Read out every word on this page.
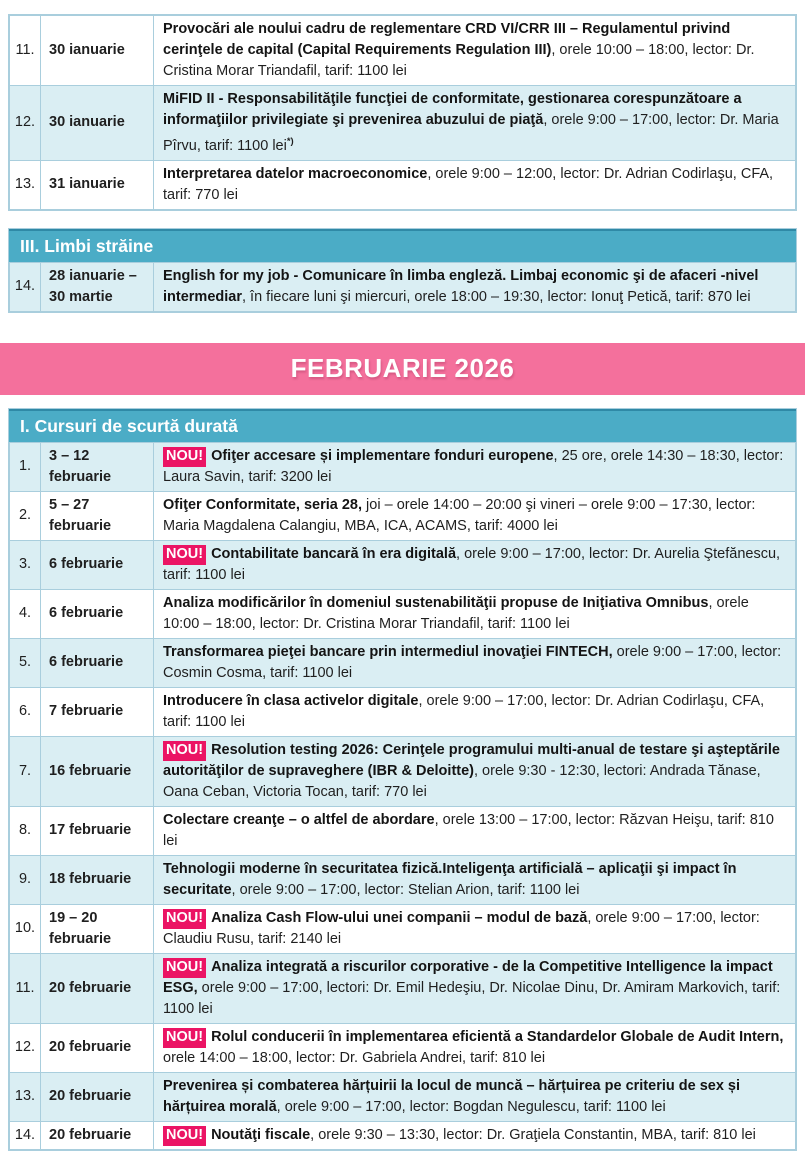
11.	30 ianuarie	Provocări ale noului cadru de reglementare CRD VI/CRR III – Regulamentul privind cerinţele de capital (Capital Requirements Regulation III), orele 10:00 – 18:00, lector: Dr. Cristina Morar Triandafil, tarif: 1100 lei
12.	30 ianuarie	MiFID II - Responsabilităţile funcţiei de conformitate, gestionarea corespunzătoare a informaţiilor privilegiate şi prevenirea abuzului de piaţă, orele 9:00 – 17:00, lector: Dr. Maria Pîrvu, tarif: 1100 lei*)
13.	31 ianuarie	Interpretarea datelor macroeconomice, orele 9:00 – 12:00, lector: Dr. Adrian Codirlaşu, CFA, tarif: 770 lei
III. Limbi străine
14.	28 ianuarie – 30 martie	English for my job - Comunicare în limba engleză. Limbaj economic şi de afaceri -nivel intermediar, în fiecare luni şi miercuri, orele 18:00 – 19:30, lector: Ionuţ Petică, tarif: 870 lei
FEBRUARIE 2026
I. Cursuri de scurtă durată
1.	3 – 12 februarie	NOU! Ofiţer accesare și implementare fonduri europene, 25 ore, orele 14:30 – 18:30, lector: Laura Savin, tarif: 3200 lei
2.	5 – 27 februarie	Ofiţer Conformitate, seria 28, joi – orele 14:00 – 20:00 şi vineri – orele 9:00 – 17:30, lector: Maria Magdalena Calangiu, MBA, ICA, ACAMS, tarif: 4000 lei
3.	6 februarie	NOU! Contabilitate bancară în era digitală, orele 9:00 – 17:00, lector: Dr. Aurelia Ştefănescu, tarif: 1100 lei
4.	6 februarie	Analiza modificărilor în domeniul sustenabilităţii propuse de Iniţiativa Omnibus, orele 10:00 – 18:00, lector: Dr. Cristina Morar Triandafil, tarif: 1100 lei
5.	6 februarie	Transformarea pieţei bancare prin intermediul inovaţiei FINTECH, orele 9:00 – 17:00, lector: Cosmin Cosma, tarif: 1100 lei
6.	7 februarie	Introducere în clasa activelor digitale, orele 9:00 – 17:00, lector: Dr. Adrian Codirlaşu, CFA, tarif: 1100 lei
7.	16 februarie	NOU! Resolution testing 2026: Cerinţele programului multi-anual de testare şi aşteptările autorităţilor de supraveghere (IBR & Deloitte), orele 9:30 - 12:30, lectori: Andrada Tănase, Oana Ceban, Victoria Tocan, tarif: 770 lei
8.	17 februarie	Colectare creanţe – o altfel de abordare, orele 13:00 – 17:00, lector: Răzvan Heişu, tarif: 810 lei
9.	18 februarie	Tehnologii moderne în securitatea fizică.Inteligenţa artificială – aplicaţii şi impact în securitate, orele 9:00 – 17:00, lector: Stelian Arion, tarif: 1100 lei
10.	19 – 20 februarie	NOU! Analiza Cash Flow-ului unei companii – modul de bază, orele 9:00 – 17:00, lector: Claudiu Rusu, tarif: 2140 lei
11.	20 februarie	NOU! Analiza integrată a riscurilor corporative - de la Competitive Intelligence la impact ESG, orele 9:00 – 17:00, lectori: Dr. Emil Hedeşiu, Dr. Nicolae Dinu, Dr. Amiram Markovich, tarif: 1100 lei
12.	20 februarie	NOU! Rolul conducerii în implementarea eficientă a Standardelor Globale de Audit Intern, orele 14:00 – 18:00, lector: Dr. Gabriela Andrei, tarif: 810 lei
13.	20 februarie	Prevenirea și combaterea hărțuirii la locul de muncă – hărțuirea pe criteriu de sex și hărțuirea morală, orele 9:00 – 17:00, lector: Bogdan Negulescu, tarif: 1100 lei
14.	20 februarie	NOU! Noutăţi fiscale, orele 9:30 – 13:30, lector: Dr. Graţiela Constantin, MBA, tarif: 810 lei
